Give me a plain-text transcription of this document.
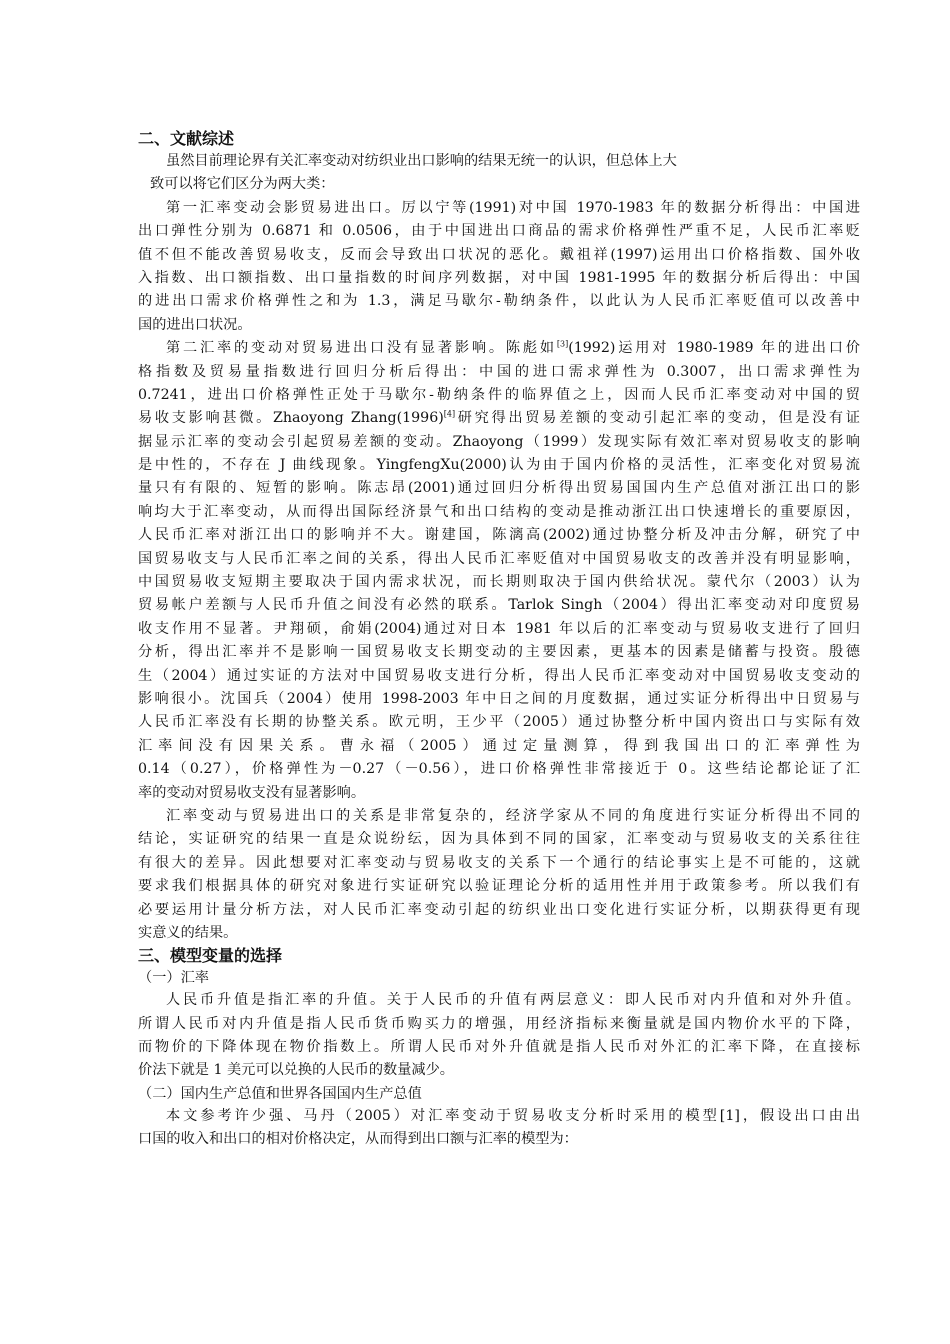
二、文献综述
虽然目前理论界有关汇率变动对纺织业出口影响的结果无统一的认识，但总体上大
致可以将它们区分为两大类：
第一汇率变动会影贸易进出口。厉以宁等(1991)对中国 1970-1983 年的数据分析得出：中国进
出口弹性分别为 0.6871 和 0.0506，由于中国进出口商品的需求价格弹性严重不足，人民币汇率贬
值不但不能改善贸易收支，反而会导致出口状况的恶化。戴祖祥(1997)运用出口价格指数、国外收
入指数、出口额指数、出口量指数的时间序列数据，对中国 1981-1995 年的数据分析后得出：中国
的进出口需求价格弹性之和为 1.3，满足马歇尔-勒纳条件，以此认为人民币汇率贬值可以改善中
国的进出口状况。
第二汇率的变动对贸易进出口没有显著影响。陈彪如[3](1992)运用对 1980-1989 年的进出口价
格指数及贸易量指数进行回归分析后得出：中国的进口需求弹性为 0.3007，出口需求弹性为
0.7241，进出口价格弹性正处于马歇尔-勒纳条件的临界值之上，因而人民币汇率变动对中国的贸
易收支影响甚微。Zhaoyong Zhang(1996)[4]研究得出贸易差额的变动引起汇率的变动，但是没有证
据显示汇率的变动会引起贸易差额的变动。Zhaoyong（1999）发现实际有效汇率对贸易收支的影响
是中性的，不存在 J 曲线现象。YingfengXu(2000)认为由于国内价格的灵活性，汇率变化对贸易流
量只有有限的、短暂的影响。陈志昂(2001)通过回归分析得出贸易国国内生产总值对浙江出口的影
响均大于汇率变动，从而得出国际经济景气和出口结构的变动是推动浙江出口快速增长的重要原因，
人民币汇率对浙江出口的影响并不大。谢建国，陈漓高(2002)通过协整分析及冲击分解，研究了中
国贸易收支与人民币汇率之间的关系，得出人民币汇率贬值对中国贸易收支的改善并没有明显影响，
中国贸易收支短期主要取决于国内需求状况，而长期则取决于国内供给状况。蒙代尔（2003）认为
贸易帐户差额与人民币升值之间没有必然的联系。Tarlok Singh（2004）得出汇率变动对印度贸易
收支作用不显著。尹翔硕，俞娟(2004)通过对日本 1981 年以后的汇率变动与贸易收支进行了回归
分析，得出汇率并不是影响一国贸易收支长期变动的主要因素，更基本的因素是储蓄与投资。殷德
生（2004）通过实证的方法对中国贸易收支进行分析，得出人民币汇率变动对中国贸易收支变动的
影响很小。沈国兵（2004）使用 1998-2003 年中日之间的月度数据，通过实证分析得出中日贸易与
人民币汇率没有长期的协整关系。欧元明，王少平（2005）通过协整分析中国内资出口与实际有效
汇率间没有因果关系。曹永福（2005）通过定量测算，得到我国出口的汇率弹性为
0.14（0.27），价格弹性为－0.27（－0.56），进口价格弹性非常接近于 0。这些结论都论证了汇
率的变动对贸易收支没有显著影响。
汇率变动与贸易进出口的关系是非常复杂的，经济学家从不同的角度进行实证分析得出不同的
结论，实证研究的结果一直是众说纷纭，因为具体到不同的国家，汇率变动与贸易收支的关系往往
有很大的差异。因此想要对汇率变动与贸易收支的关系下一个通行的结论事实上是不可能的，这就
要求我们根据具体的研究对象进行实证研究以验证理论分析的适用性并用于政策参考。所以我们有
必要运用计量分析方法，对人民币汇率变动引起的纺织业出口变化进行实证分析，以期获得更有现
实意义的结果。
三、模型变量的选择
（一）汇率
人民币升值是指汇率的升值。关于人民币的升值有两层意义：即人民币对内升值和对外升值。
所谓人民币对内升值是指人民币货币购买力的增强，用经济指标来衡量就是国内物价水平的下降，
而物价的下降体现在物价指数上。所谓人民币对外升值就是指人民币对外汇的汇率下降，在直接标
价法下就是 1 美元可以兑换的人民币的数量减少。
（二）国内生产总值和世界各国国内生产总值
本文参考许少强、马丹（2005）对汇率变动于贸易收支分析时采用的模型[1]，假设出口由出
口国的收入和出口的相对价格决定，从而得到出口额与汇率的模型为：
